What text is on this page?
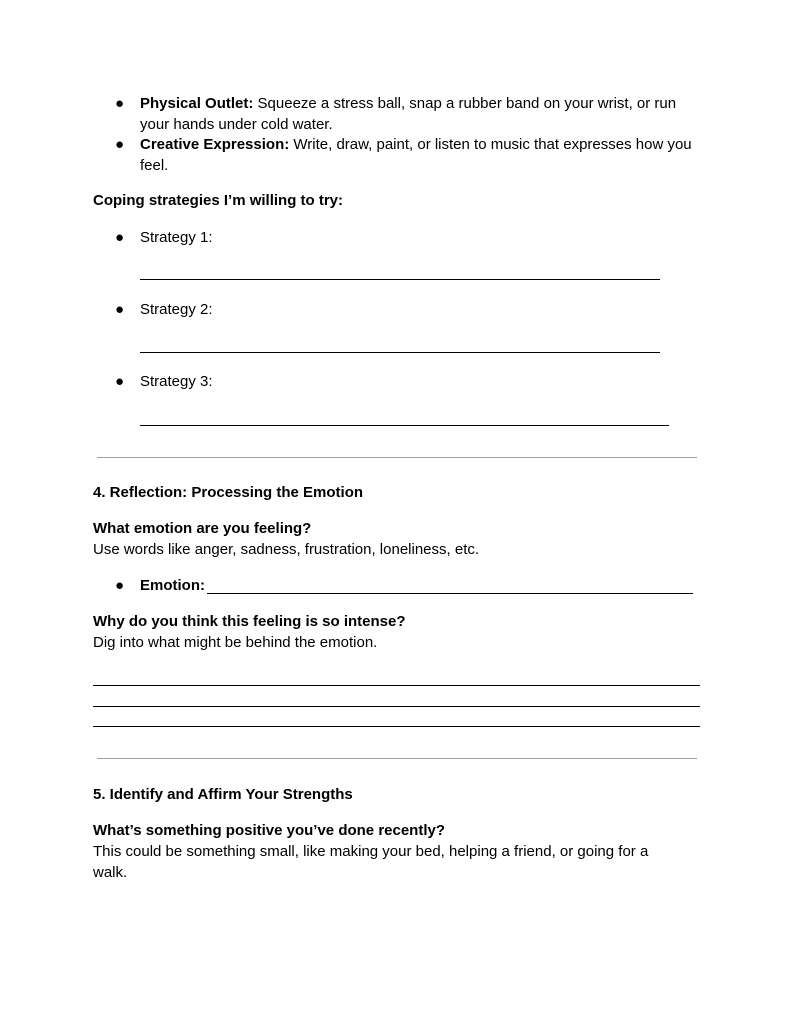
● Physical Outlet: Squeeze a stress ball, snap a rubber band on your wrist, or run your hands under cold water.
● Creative Expression: Write, draw, paint, or listen to music that expresses how you feel.
Coping strategies I’m willing to try:
● Strategy 1:
● Strategy 2:
● Strategy 3:
4. Reflection: Processing the Emotion
What emotion are you feeling?
Use words like anger, sadness, frustration, loneliness, etc.
● Emotion:
Why do you think this feeling is so intense?
Dig into what might be behind the emotion.
5. Identify and Affirm Your Strengths
What’s something positive you’ve done recently?
This could be something small, like making your bed, helping a friend, or going for a walk.
